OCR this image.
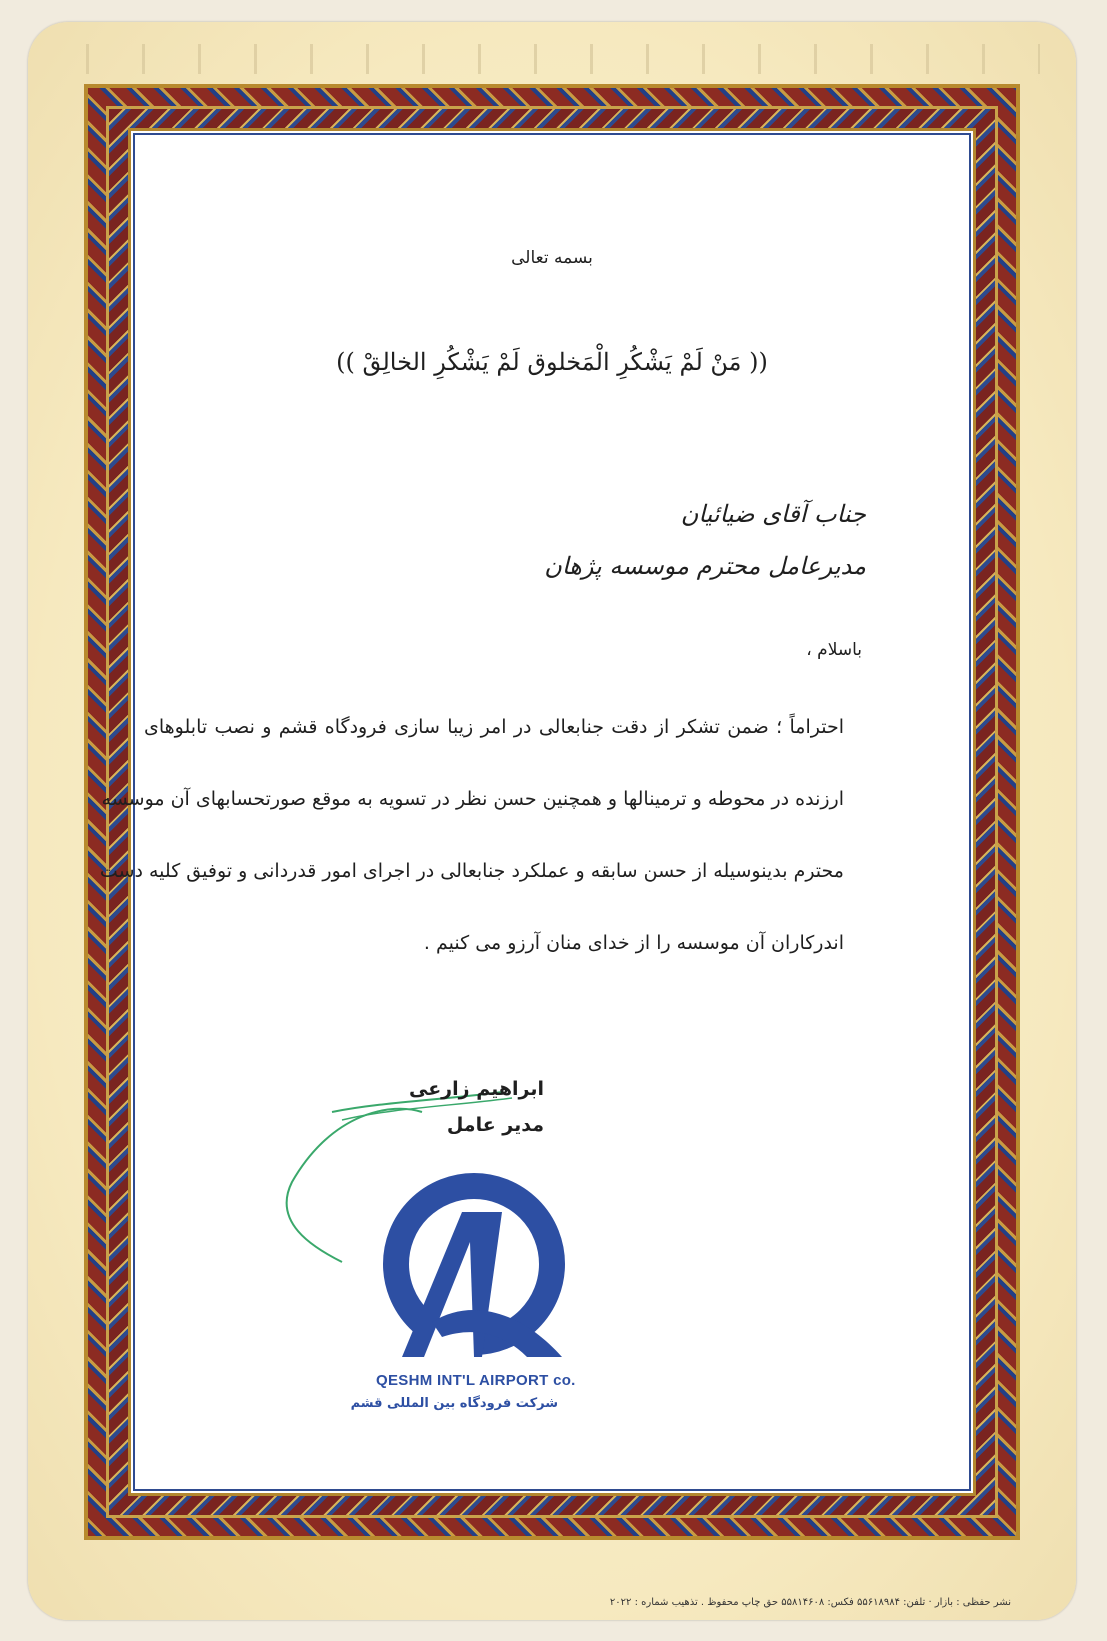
بسمه تعالی
(( مَنْ لَمْ يَشْكُرِ الْمَخلوق لَمْ يَشْكُرِ الخالِقْ ))
جناب آقای ضیائیان
مدیرعامل محترم موسسه پژهان
باسلام ،
احتراماً ؛ ضمن تشکر از دقت جنابعالی در امر زیبا سازی فرودگاه قشم و نصب تابلوهای
ارزنده در محوطه و ترمینالها و همچنین حسن نظر در تسویه به موقع صورتحسابهای آن موسسه
محترم بدینوسیله از حسن سابقه و عملکرد جنابعالی در اجرای امور قدردانی و توفیق کلیه دست
اندرکاران آن موسسه را از خدای منان آرزو می کنیم .
ابراهیم زارعی
مدیر عامل
QESHM INT'L AIRPORT co.
شرکت فرودگاه بین المللی قشم
نشر حفظی : بازار · تلفن: ۵۵۶۱۸۹۸۴ فکس: ۵۵۸۱۴۶۰۸ حق چاپ محفوظ . تذهیب شماره : ۲۰۲۲
